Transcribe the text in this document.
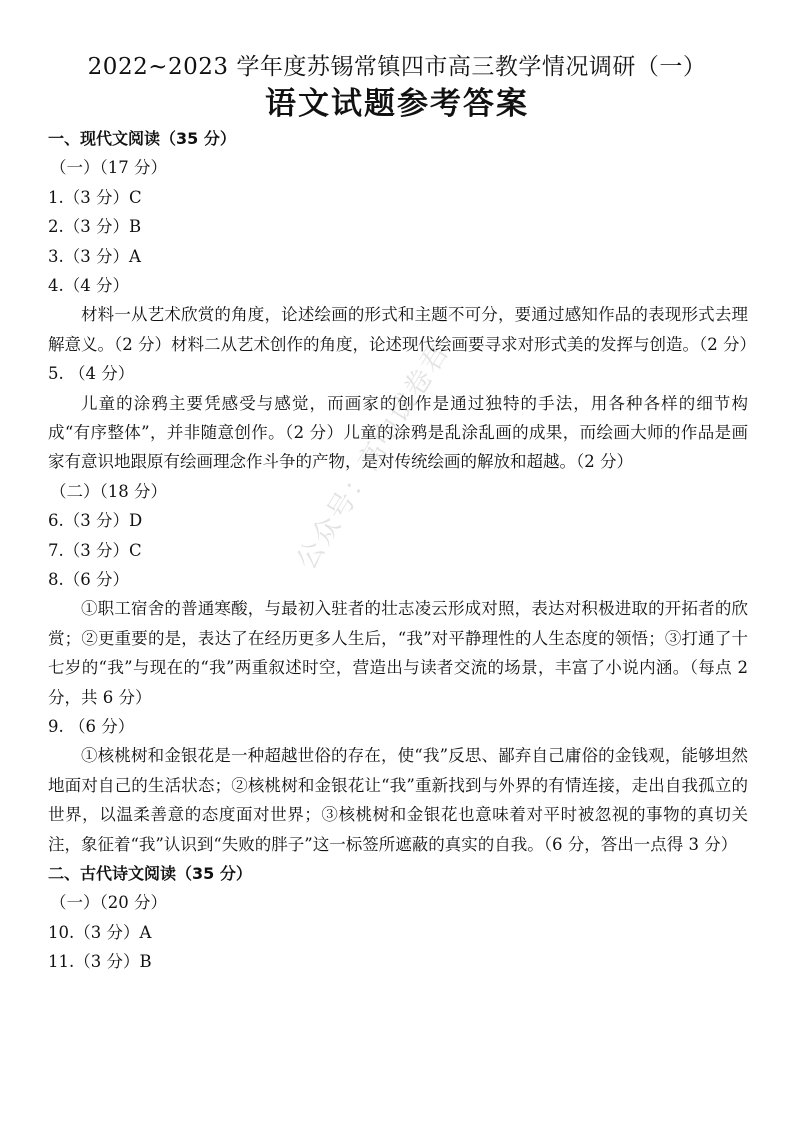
2022~2023 学年度苏锡常镇四市高三教学情况调研（一）
语文试题参考答案
一、现代文阅读（35 分）
（一）（17 分）
1.（3 分）C
2.（3 分）B
3.（3 分）A
4.（4 分）

材料一从艺术欣赏的角度，论述绘画的形式和主题不可分，要通过感知作品的表现形式去理解意义。（2 分）材料二从艺术创作的角度，论述现代绘画要寻求对形式美的发挥与创造。（2 分）

5. （4 分）

儿童的涂鸦主要凭感受与感觉，而画家的创作是通过独特的手法，用各种各样的细节构成“有序整体”，并非随意创作。（2 分）儿童的涂鸦是乱涂乱画的成果，而绘画大师的作品是画家有意识地跟原有绘画理念作斗争的产物，是对传统绘画的解放和超越。（2 分）

（二）（18 分）
6.（3 分）D
7.（3 分）C
8.（6 分）

①职工宿舍的普通寒酸，与最初入驻者的壮志凌云形成对照，表达对积极进取的开拓者的欣赏；②更重要的是，表达了在经历更多人生后，“我”对平静理性的人生态度的领悟；③打通了十七岁的“我”与现在的“我”两重叙述时空，营造出与读者交流的场景，丰富了小说内涵。（每点 2 分，共 6 分）

9. （6 分）

①核桃树和金银花是一种超越世俗的存在，使“我”反思、鄙弃自己庸俗的金钱观，能够坦然地面对自己的生活状态；②核桃树和金银花让“我”重新找到与外界的有情连接，走出自我孤立的世界，以温柔善意的态度面对世界；③核桃树和金银花也意味着对平时被忽视的事物的真切关注，象征着“我”认识到“失败的胖子”这一标签所遮蔽的真实的自我。（6 分，答出一点得 3 分）

二、古代诗文阅读（35 分）
（一）（20 分）
10.（3 分）A
11.（3 分）B
公众号：高中试卷君
